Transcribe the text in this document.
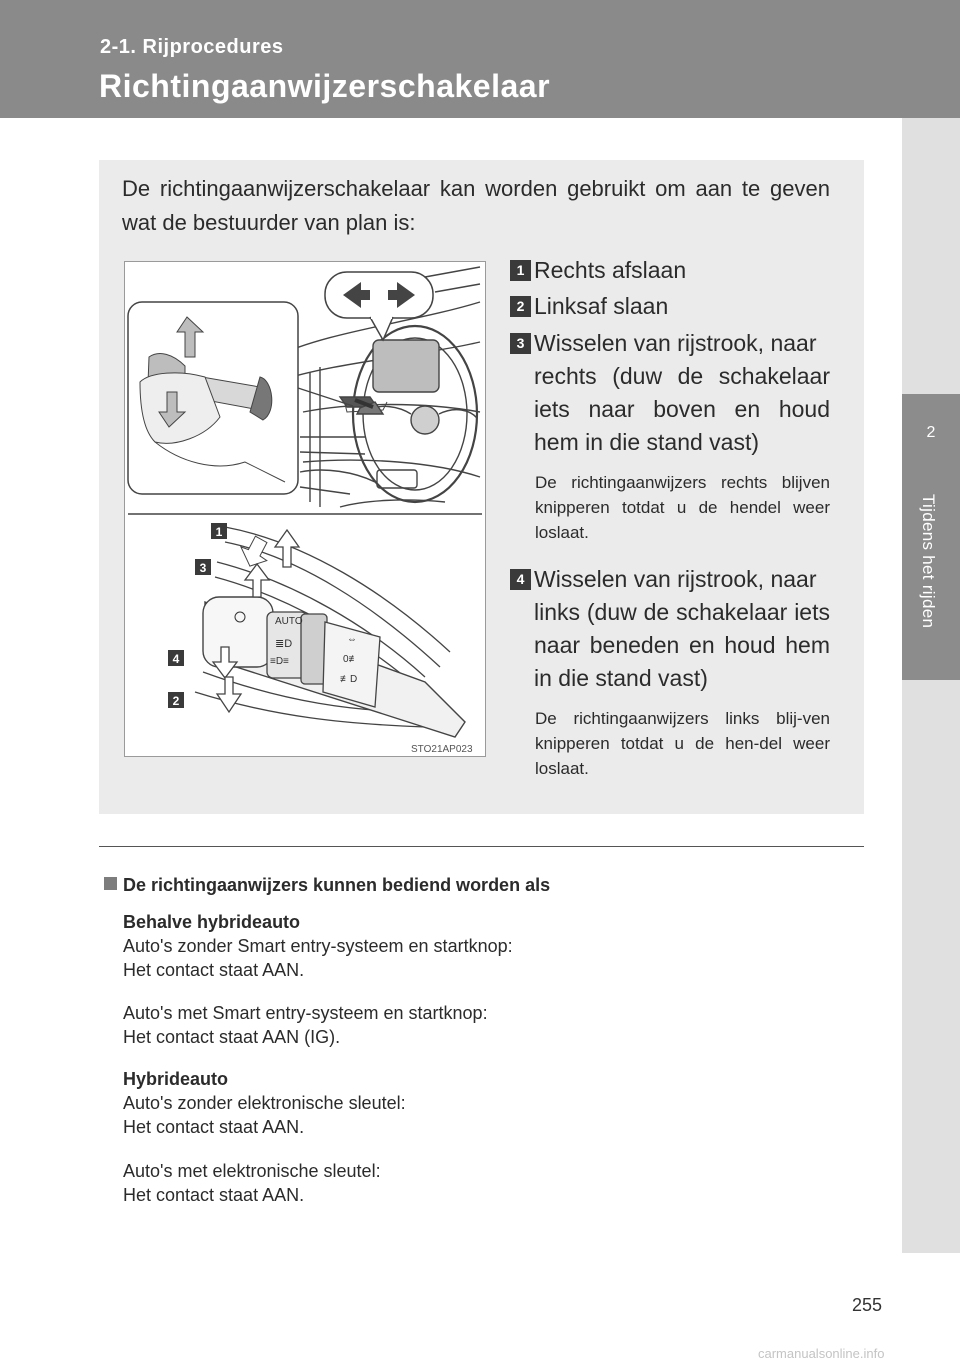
2-1. Rijprocedures
Richtingaanwijzerschakelaar
2
Tijdens het rijden
De richtingaanwijzerschakelaar kan worden gebruikt om aan te geven wat de bestuurder van plan is:
AUTO
≣D
≡D≡
⇔
0≢
≢D
1
3
4
2
STO21AP023
1 Rechts afslaan
2 Linksaf slaan
3 Wisselen van rijstrook, naar
rechts (duw de schakelaar iets naar boven en houd hem in die stand vast)
De richtingaanwijzers rechts blijven knipperen totdat u de hendel weer loslaat.
4 Wisselen van rijstrook, naar
links (duw de schakelaar iets naar beneden en houd hem in die stand vast)
De richtingaanwijzers links blij-ven knipperen totdat u de hen-del weer loslaat.
De richtingaanwijzers kunnen bediend worden als
Behalve hybrideauto
Auto's zonder Smart entry-systeem en startknop:
Het contact staat AAN.
Auto's met Smart entry-systeem en startknop:
Het contact staat AAN (IG).
Hybrideauto
Auto's zonder elektronische sleutel:
Het contact staat AAN.
Auto's met elektronische sleutel:
Het contact staat AAN.
255
carmanualsonline.info
